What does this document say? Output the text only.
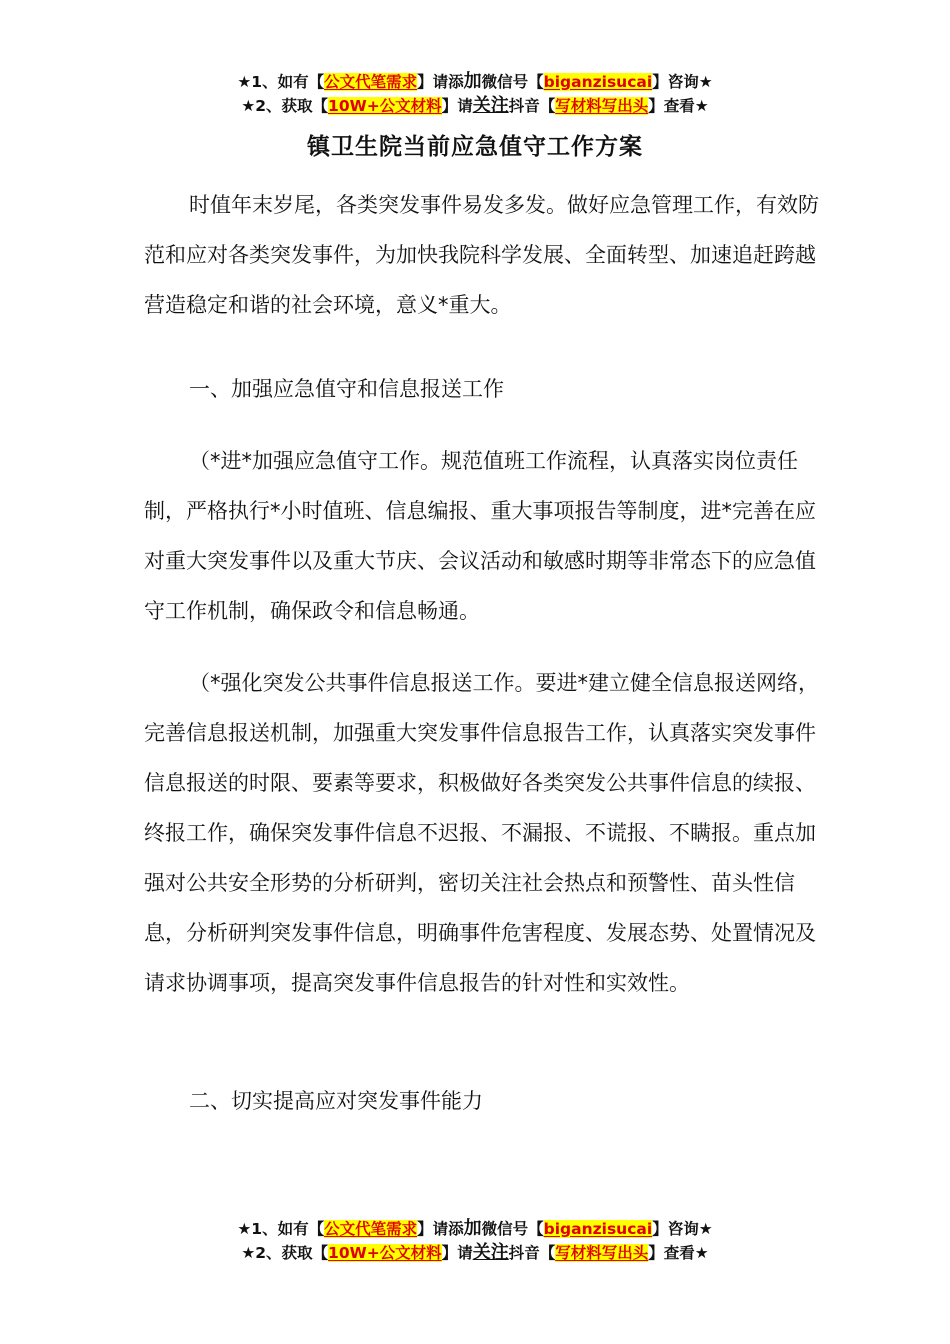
★1、如有【公文代笔需求】请添加微信号【biganzisucai】咨询★
★2、获取【10W+公文材料】请关注抖音【写材料写出头】查看★
镇卫生院当前应急值守工作方案

时值年末岁尾，各类突发事件易发多发。做好应急管理工作，有效防范和应对各类突发事件，为加快我院科学发展、全面转型、加速追赶跨越营造稳定和谐的社会环境，意义*重大。

一、加强应急值守和信息报送工作

（*进*加强应急值守工作。规范值班工作流程，认真落实岗位责任制，严格执行*小时值班、信息编报、重大事项报告等制度，进*完善在应对重大突发事件以及重大节庆、会议活动和敏感时期等非常态下的应急值守工作机制，确保政令和信息畅通。

（*强化突发公共事件信息报送工作。要进*建立健全信息报送网络，完善信息报送机制，加强重大突发事件信息报告工作，认真落实突发事件信息报送的时限、要素等要求，积极做好各类突发公共事件信息的续报、终报工作，确保突发事件信息不迟报、不漏报、不谎报、不瞒报。重点加强对公共安全形势的分析研判，密切关注社会热点和预警性、苗头性信息，分析研判突发事件信息，明确事件危害程度、发展态势、处置情况及请求协调事项，提高突发事件信息报告的针对性和实效性。

二、切实提高应对突发事件能力

★1、如有【公文代笔需求】请添加微信号【biganzisucai】咨询★
★2、获取【10W+公文材料】请关注抖音【写材料写出头】查看★
